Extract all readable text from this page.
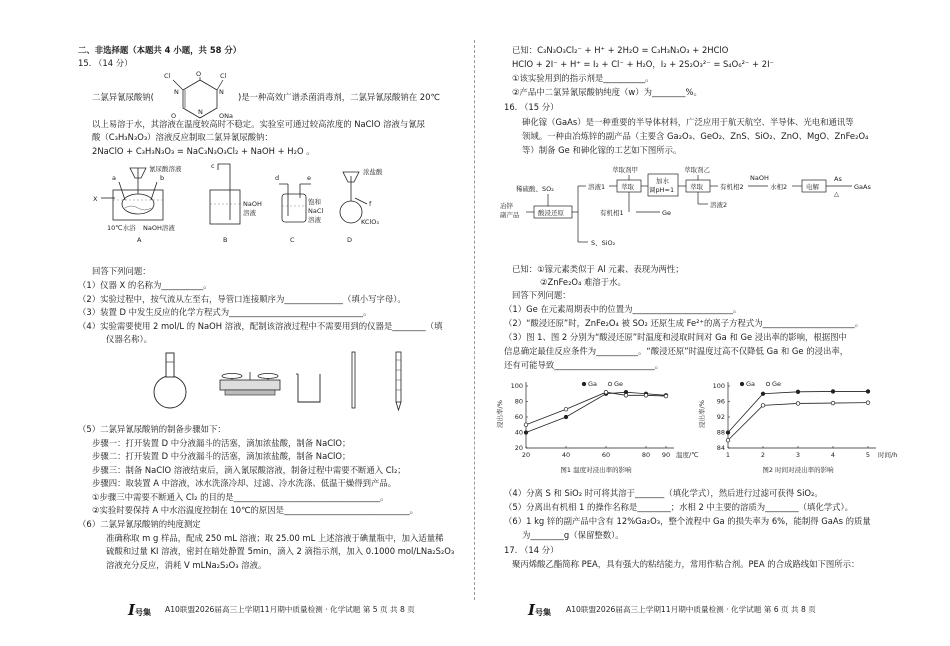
二、非选择题（本题共 4 小题，共 58 分）
15. （14 分）
O
Cl	Cl
N	N
N
O	ONa
二氯异氰尿酸钠(	)是一种高效广谱杀菌消毒剂，二氯异氰尿酸钠在 20℃
以上易溶于水，其溶液在温度较高时不稳定。实验室可通过较高浓度的 NaClO 溶液与氰尿
酸（C₃H₃N₃O₃）溶液反应制取二氯异氰尿酸钠：
2NaClO + C₃H₃N₃O₃ = NaC₃N₃O₃Cl₂ + NaOH + H₂O 。
氰尿酸溶液
a	b
X
10℃水浴 NaOH溶液
A
c
NaOH
溶液
B
d	e
饱和
NaCl
溶液
C
浓盐酸
f
KClO₃
D
回答下列问题：
（1）仪器 X 的名称为__________。
（2）实验过程中，按气流从左至右，导管口连接顺序为______________（填小写字母）。
（3）装置 D 中发生反应的化学方程式为________________________________。
（4）实验需要使用 2 mol/L 的 NaOH 溶液，配制该溶液过程中不需要用到的仪器是________（填
仪器名称）。
（5）二氯异氰尿酸钠的制备步骤如下：
步骤一：打开装置 D 中分液漏斗的活塞，滴加浓盐酸，制备 NaClO；
步骤二：打开装置 D 中分液漏斗的活塞，滴加浓盐酸，制备 NaClO；
步骤三：制备 NaClO 溶液结束后，滴入氰尿酸溶液，制备过程中需要不断通入 Cl₂；
步骤四：取装置 A 中溶液，冰水洗涤冷却、过滤、冷水洗涤、低温干燥得到产品。
①步骤三中需要不断通入 Cl₂ 的目的是___________________________________。
②实验时要保持 A 中水浴温度控制在 10℃的原因是______________________________。
（6）二氯异氰尿酸钠的纯度测定
准确称取 m g 样品，配成 250 mL 溶液；取 25.00 mL 上述溶液于碘量瓶中，加入适量稀
硫酸和过量 KI 溶液，密封在暗处静置 5min，滴入 2 滴指示剂，加入 0.1000 mol/LNa₂S₂O₃
溶液充分反应，消耗 V mLNa₂S₂O₃ 溶液。
I号集 A10联盟2026届高三上学期11月期中质量检测 · 化学试题 第 5 页 共 8 页
已知：C₃N₃O₃Cl₂⁻ + H⁺ + 2H₂O = C₃H₃N₃O₃ + 2HClO
HClO + 2I⁻ + H⁺ = I₂ + Cl⁻ + H₂O，I₂ + 2S₂O₃²⁻ = S₄O₆²⁻ + 2I⁻
①该实验用到的指示剂是__________。
②产品中二氯异氰尿酸钠纯度（w）为________%。
16. （15 分）
砷化镓（GaAs）是一种重要的半导体材料，广泛应用于航天航空、半导体、光电和通讯等
领域。一种由冶炼锌的副产品（主要含 Ga₂O₃、GeO₂、ZnS、SiO₂、ZnO、MgO、ZnFe₂O₄
等）制备 Ge 和砷化镓的工艺如下图所示。
冶锌
副产品
稀硫酸、SO₂
酸浸还原
S、SiO₂
溶液1
萃取剂甲
萃取
有机相1	Ge
加水
调pH=1
萃取剂乙
萃取
溶液2
有机相2
NaOH
水相2	电解
As
△
GaAs
已知：①镓元素类似于 Al 元素、表现为两性；
②ZnFe₂O₄ 难溶于水。
回答下列问题：
（1）Ge 在元素周期表中的位置为________________________。
（2）“酸浸还原”时，ZnFe₂O₄ 被 SO₂ 还原生成 Fe²⁺的离子方程式为______________________。
（3）图 1、图 2 分别为“酸浸还原”时温度和浸取时间对 Ga 和 Ge 浸出率的影响，根据图中
信息确定最佳反应条件为__________。“酸浸还原”时温度过高不仅降低 Ga 和 Ge 的浸出率，
还有可能导致________________________。
20
40
60
80
100
20	40	60	80 90
浸出率/%
温度/℃
图1 温度对浸出率的影响
Ga	Ge
84
88
92
96
100
1	2	3	4	5
浸出率/%
时间/h
图2 时间对浸出率的影响
Ga	Ge
（4）分离 S 和 SiO₂ 时可将其溶于_______（填化学式），然后进行过滤可获得 SiO₂。
（5）分离出有机相 1 的操作名称是________；水相 2 中主要的溶质为________（填化学式）。
（6）1 kg 锌的副产品中含有 12%Ga₂O₃，整个流程中 Ga 的损失率为 6%，能制得 GaAs 的质量
为________g（保留整数）。
17. （14 分）
聚丙烯酸乙酯简称 PEA，具有强大的粘结能力，常用作粘合剂。PEA 的合成路线如下图所示：
I号集 A10联盟2026届高三上学期11月期中质量检测 · 化学试题 第 6 页 共 8 页
